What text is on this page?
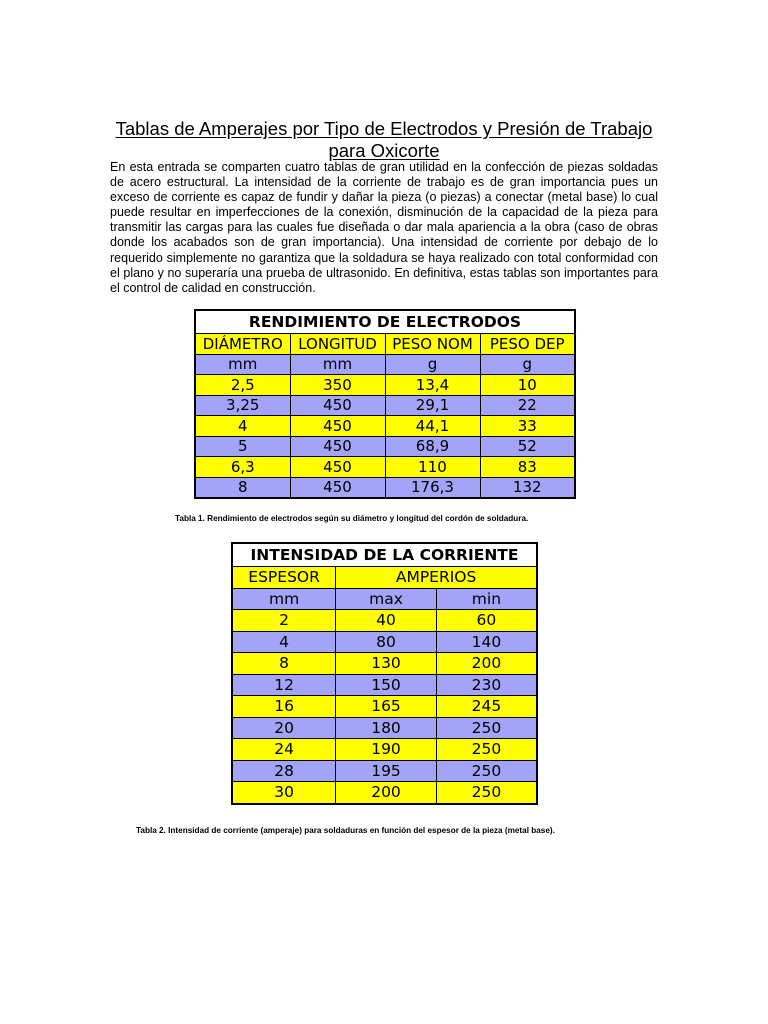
Tablas de Amperajes por Tipo de Electrodos y Presión de Trabajo para Oxicorte

En esta entrada se comparten cuatro tablas de gran utilidad en la confección de piezas soldadas de acero estructural. La intensidad de la corriente de trabajo es de gran importancia pues un exceso de corriente es capaz de fundir y dañar la pieza (o piezas) a conectar (metal base) lo cual puede resultar en imperfecciones de la conexión, disminución de la capacidad de la pieza para transmitir las cargas para las cuales fue diseñada o dar mala apariencia a la obra (caso de obras donde los acabados son de gran importancia). Una intensidad de corriente por debajo de lo requerido simplemente no garantiza que la soldadura se haya realizado con total conformidad con el plano y no superaría una prueba de ultrasonido. En definitiva, estas tablas son importantes para el control de calidad en construcción.

RENDIMIENTO DE ELECTRODOS			
DIÁMETRO	LONGITUD	PESO NOM	PESO DEP
mm	mm	g	g
2,5	350	13,4	10
3,25	450	29,1	22
4	450	44,1	33
5	450	68,9	52
6,3	450	110	83
8	450	176,3	132

Tabla 1. Rendimiento de electrodos según su diámetro y longitud del cordón de soldadura.

INTENSIDAD DE LA CORRIENTE		
ESPESOR	AMPERIOS	
mm	max	min
2	40	60
4	80	140
8	130	200
12	150	230
16	165	245
20	180	250
24	190	250
28	195	250
30	200	250

Tabla 2. Intensidad de corriente (amperaje) para soldaduras en función del espesor de la pieza (metal base).
